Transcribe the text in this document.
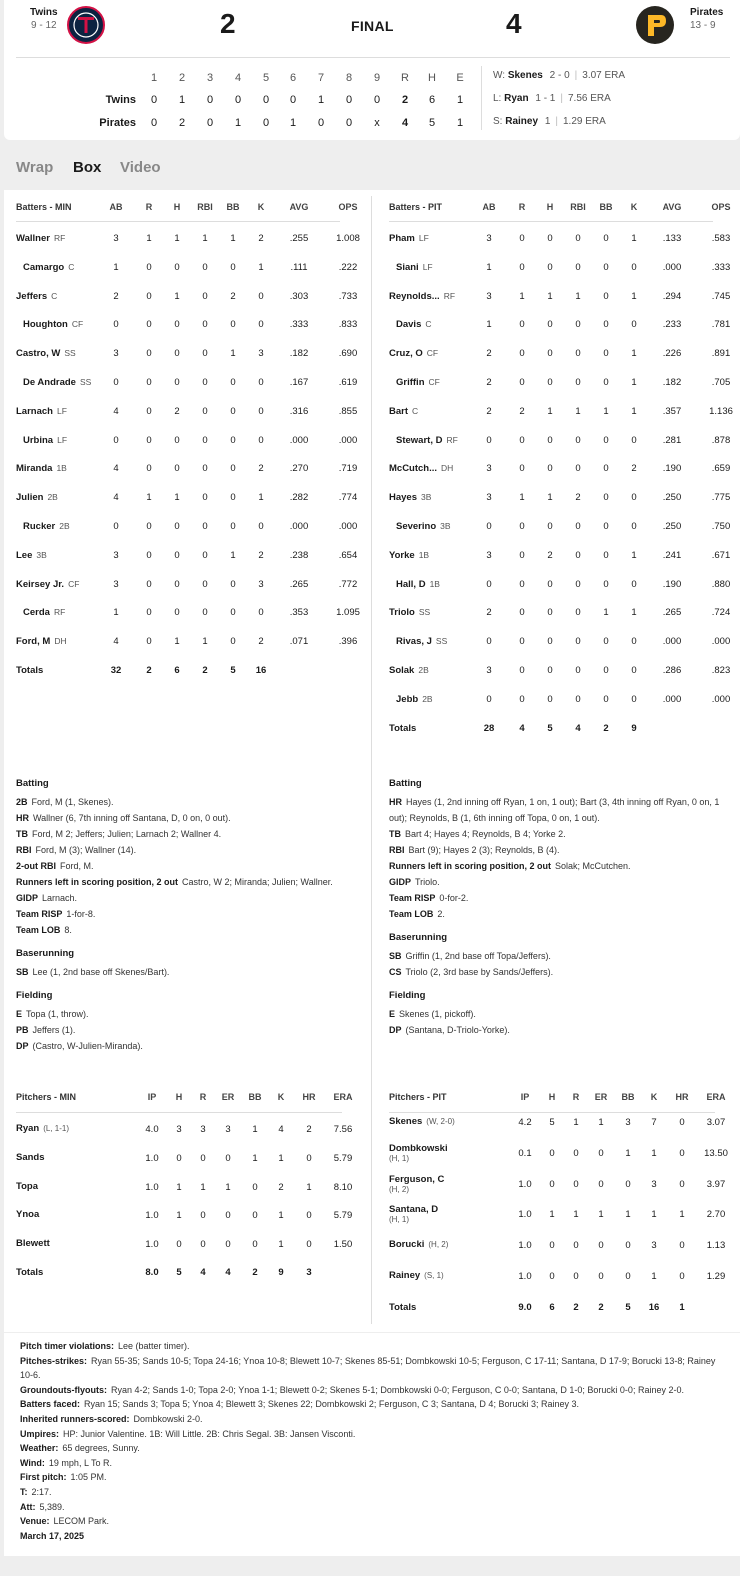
Twins
9 - 12	2	FINAL	4	Pirates
13 - 9
1	2	3	4	5	6	7	8	9	R	H	E
Twins	0	1	0	0	0	0	1	0	0	2	6	1
Pirates	0	2	0	1	0	1	0	0	x	4	5	1
W: Skenes 2 - 0 | 3.07 ERA
L: Ryan 1 - 1 | 7.56 ERA
S: Rainey 1 | 1.29 ERA
Wrap Box Video
Batters - MIN	AB	R	H	RBI	BB	K	AVG	OPS
Wallner RF	3	1	1	1	1	2	.255	1.008
Camargo C	1	0	0	0	0	1	.111	.222
Jeffers C	2	0	1	0	2	0	.303	.733
Houghton CF	0	0	0	0	0	0	.333	.833
Castro, W SS	3	0	0	0	1	3	.182	.690
De Andrade SS	0	0	0	0	0	0	.167	.619
Larnach LF	4	0	2	0	0	0	.316	.855
Urbina LF	0	0	0	0	0	0	.000	.000
Miranda 1B	4	0	0	0	0	2	.270	.719
Julien 2B	4	1	1	0	0	1	.282	.774
Rucker 2B	0	0	0	0	0	0	.000	.000
Lee 3B	3	0	0	0	1	2	.238	.654
Keirsey Jr. CF	3	0	0	0	0	3	.265	.772
Cerda RF	1	0	0	0	0	0	.353	1.095
Ford, M DH	4	0	1	1	0	2	.071	.396
Totals	32	2	6	2	5	16
Batters - PIT	AB	R	H	RBI	BB	K	AVG	OPS
Pham LF	3	0	0	0	0	1	.133	.583
Siani LF	1	0	0	0	0	0	.000	.333
Reynolds... RF	3	1	1	1	0	1	.294	.745
Davis C	1	0	0	0	0	0	.233	.781
Cruz, O CF	2	0	0	0	0	1	.226	.891
Griffin CF	2	0	0	0	0	1	.182	.705
Bart C	2	2	1	1	1	1	.357	1.136
Stewart, D RF	0	0	0	0	0	0	.281	.878
McCutch... DH	3	0	0	0	0	2	.190	.659
Hayes 3B	3	1	1	2	0	0	.250	.775
Severino 3B	0	0	0	0	0	0	.250	.750
Yorke 1B	3	0	2	0	0	1	.241	.671
Hall, D 1B	0	0	0	0	0	0	.190	.880
Triolo SS	2	0	0	0	1	1	.265	.724
Rivas, J SS	0	0	0	0	0	0	.000	.000
Solak 2B	3	0	0	0	0	0	.286	.823
Jebb 2B	0	0	0	0	0	0	.000	.000
Totals	28	4	5	4	2	9
Batting
2B Ford, M (1, Skenes).
HR Wallner (6, 7th inning off Santana, D, 0 on, 0 out).
TB Ford, M 2; Jeffers; Julien; Larnach 2; Wallner 4.
RBI Ford, M (3); Wallner (14).
2-out RBI Ford, M.
Runners left in scoring position, 2 out Castro, W 2; Miranda; Julien; Wallner.
GIDP Larnach.
Team RISP 1-for-8.
Team LOB 8.
Baserunning
SB Lee (1, 2nd base off Skenes/Bart).
Fielding
E Topa (1, throw).
PB Jeffers (1).
DP (Castro, W-Julien-Miranda).
Batting
HR Hayes (1, 2nd inning off Ryan, 1 on, 1 out); Bart (3, 4th inning off Ryan, 0 on, 1 out); Reynolds, B (1, 6th inning off Topa, 0 on, 1 out).
TB Bart 4; Hayes 4; Reynolds, B 4; Yorke 2.
RBI Bart (9); Hayes 2 (3); Reynolds, B (4).
Runners left in scoring position, 2 out Solak; McCutchen.
GIDP Triolo.
Team RISP 0-for-2.
Team LOB 2.
Baserunning
SB Griffin (1, 2nd base off Topa/Jeffers).
CS Triolo (2, 3rd base by Sands/Jeffers).
Fielding
E Skenes (1, pickoff).
DP (Santana, D-Triolo-Yorke).
Pitchers - MIN	IP	H	R	ER	BB	K	HR	ERA
Ryan (L, 1-1)	4.0	3	3	3	1	4	2	7.56
Sands	1.0	0	0	0	1	1	0	5.79
Topa	1.0	1	1	1	0	2	1	8.10
Ynoa	1.0	1	0	0	0	1	0	5.79
Blewett	1.0	0	0	0	0	1	0	1.50
Totals	8.0	5	4	4	2	9	3
Pitchers - PIT	IP	H	R	ER	BB	K	HR	ERA
Skenes (W, 2-0)	4.2	5	1	1	3	7	0	3.07
Dombkowski
(H, 1)	0.1	0	0	0	1	1	0	13.50
Ferguson, C
(H, 2)	1.0	0	0	0	0	3	0	3.97
Santana, D
(H, 1)	1.0	1	1	1	1	1	1	2.70
Borucki (H, 2)	1.0	0	0	0	0	3	0	1.13
Rainey (S, 1)	1.0	0	0	0	0	1	0	1.29
Totals	9.0	6	2	2	5	16	1
Pitch timer violations: Lee (batter timer).
Pitches-strikes: Ryan 55-35; Sands 10-5; Topa 24-16; Ynoa 10-8; Blewett 10-7; Skenes 85-51; Dombkowski 10-5; Ferguson, C 17-11; Santana, D 17-9; Borucki 13-8; Rainey 10-6.
Groundouts-flyouts: Ryan 4-2; Sands 1-0; Topa 2-0; Ynoa 1-1; Blewett 0-2; Skenes 5-1; Dombkowski 0-0; Ferguson, C 0-0; Santana, D 1-0; Borucki 0-0; Rainey 2-0.
Batters faced: Ryan 15; Sands 3; Topa 5; Ynoa 4; Blewett 3; Skenes 22; Dombkowski 2; Ferguson, C 3; Santana, D 4; Borucki 3; Rainey 3.
Inherited runners-scored: Dombkowski 2-0.
Umpires: HP: Junior Valentine. 1B: Will Little. 2B: Chris Segal. 3B: Jansen Visconti.
Weather: 65 degrees, Sunny.
Wind: 19 mph, L To R.
First pitch: 1:05 PM.
T: 2:17.
Att: 5,389.
Venue: LECOM Park.
March 17, 2025
